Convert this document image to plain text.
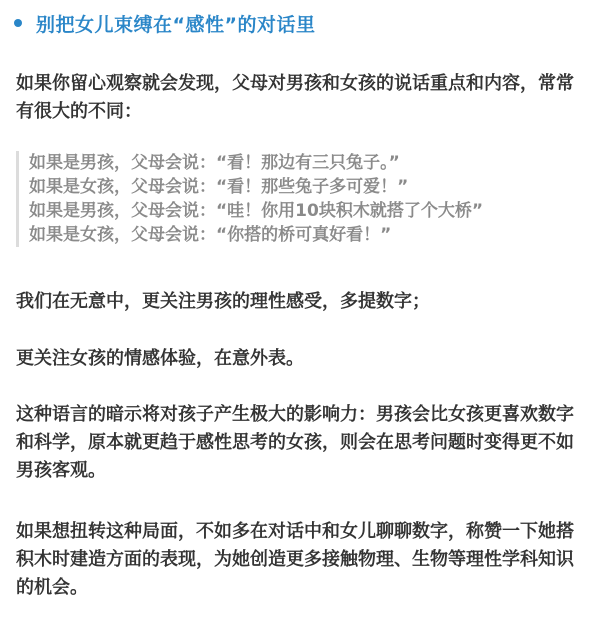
别把女儿束缚在“感性”的对话里
如果你留心观察就会发现，父母对男孩和女孩的说话重点和内容，常常有很大的不同：
如果是男孩，父母会说：“看！那边有三只兔子。”
如果是女孩，父母会说：“看！那些兔子多可爱！”
如果是男孩，父母会说：“哇！你用10块积木就搭了个大桥”
如果是女孩，父母会说：“你搭的桥可真好看！”
我们在无意中，更关注男孩的理性感受，多提数字；
更关注女孩的情感体验，在意外表。
这种语言的暗示将对孩子产生极大的影响力：男孩会比女孩更喜欢数字和科学，原本就更趋于感性思考的女孩，则会在思考问题时变得更不如男孩客观。
如果想扭转这种局面，不如多在对话中和女儿聊聊数字，称赞一下她搭积木时建造方面的表现，为她创造更多接触物理、生物等理性学科知识的机会。
